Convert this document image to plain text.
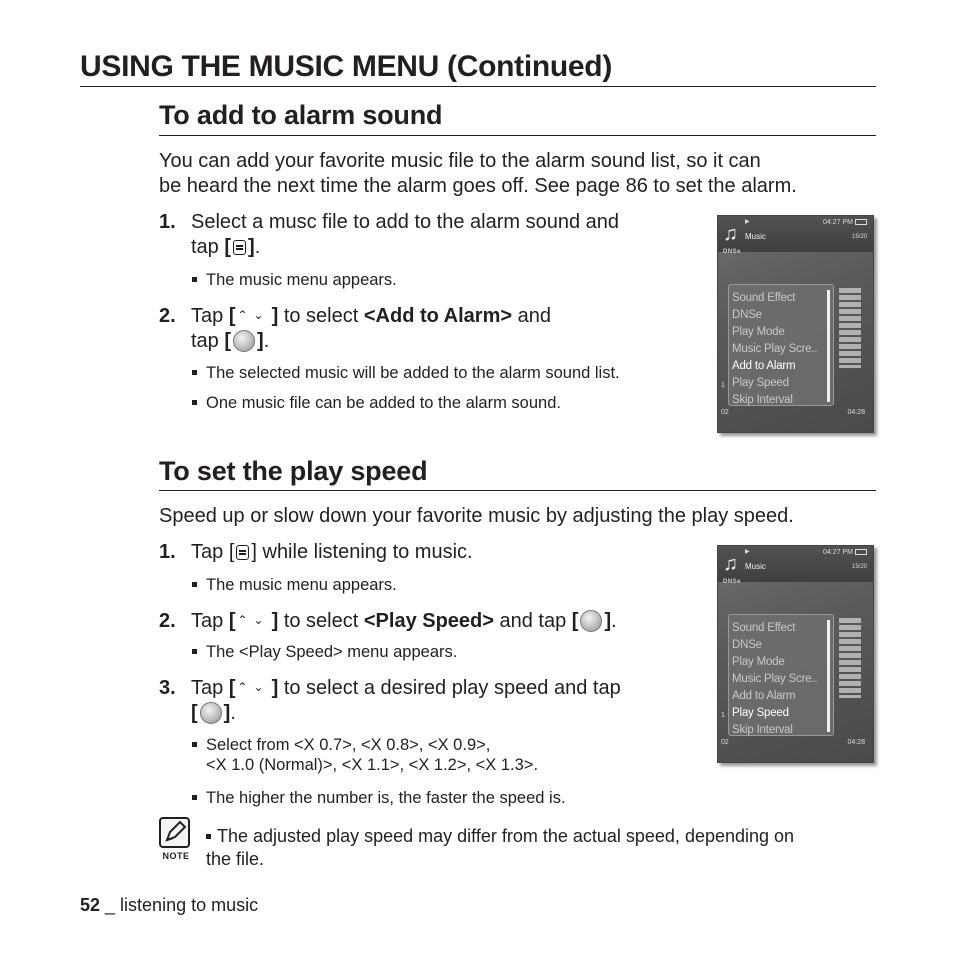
USING THE MUSIC MENU (Continued)
To add to alarm sound
You can add your favorite music file to the alarm sound list, so it can
be heard the next time the alarm goes off. See page 86 to set the alarm.
1. Select a musc file to add to the alarm sound and
tap [ ].
The music menu appears.
2. Tap [ ⌃⌄ ] to select <Add to Alarm> and
tap [ ].
The selected music will be added to the alarm sound list.
One music file can be added to the alarm sound.
▶	04:27 PM
♫ Music	15/20
DNSe
1
02	04:28
Sound Effect
DNSe
Play Mode
Music Play Scre..
Add to Alarm
Play Speed
Skip Interval
To set the play speed
Speed up or slow down your favorite music by adjusting the play speed.
1. Tap [ ] while listening to music.
The music menu appears.
2. Tap [ ⌃⌄ ] to select <Play Speed> and tap [ ].
The <Play Speed> menu appears.
3. Tap [ ⌃⌄ ] to select a desired play speed and tap
[ ].
Select from <X 0.7>, <X 0.8>, <X 0.9>,
<X 1.0 (Normal)>, <X 1.1>, <X 1.2>, <X 1.3>.
The higher the number is, the faster the speed is.
▶	04:27 PM
♫ Music	15/20
DNSe
1
02	04:28
Sound Effect
DNSe
Play Mode
Music Play Scre..
Add to Alarm
Play Speed
Skip Interval
NOTE
The adjusted play speed may differ from the actual speed, depending on
the file.
52 _ listening to music
